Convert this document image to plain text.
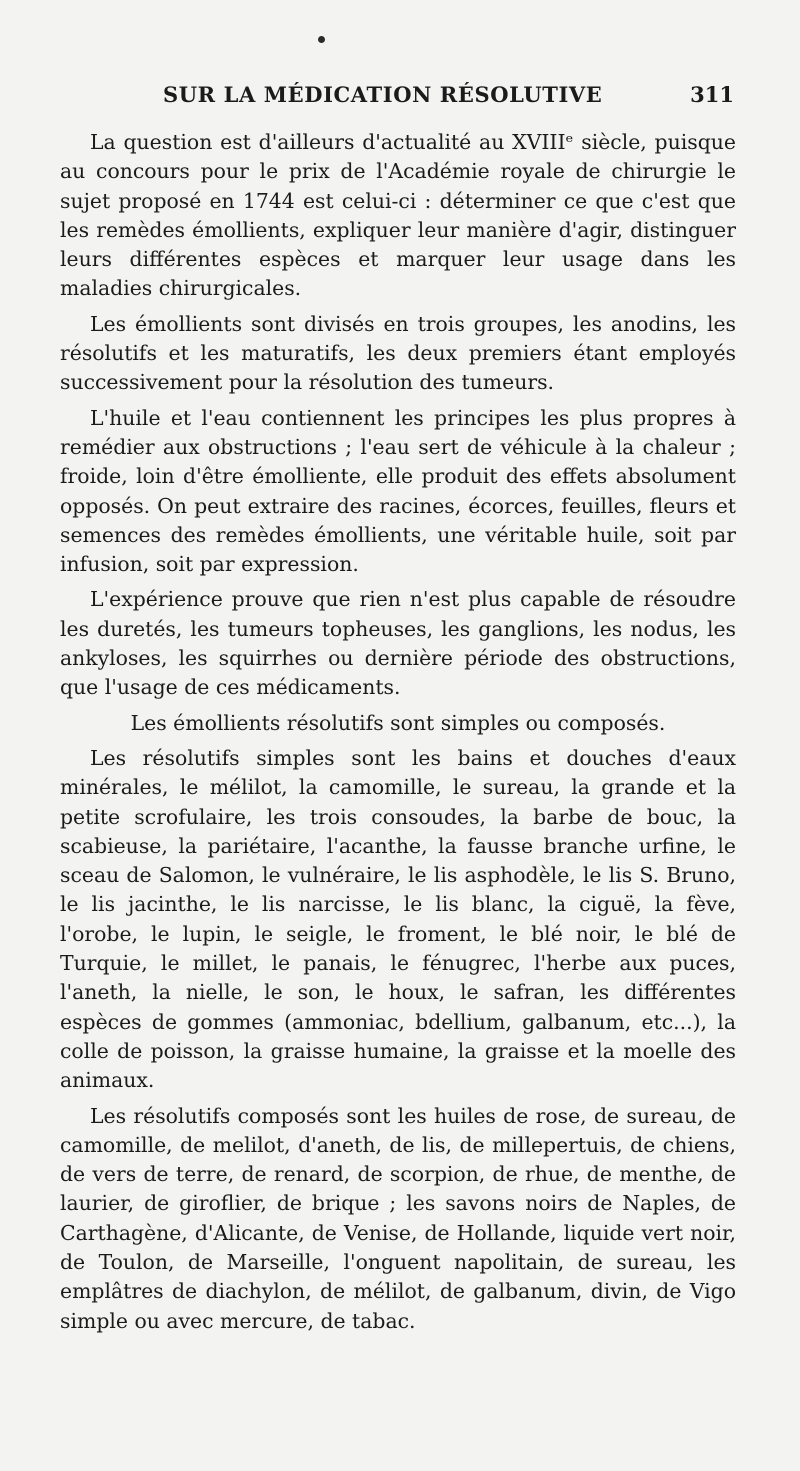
SUR LA MÉDICATION RÉSOLUTIVE	311

La question est d'ailleurs d'actualité au XVIIIᵉ siècle, puisque au concours pour le prix de l'Académie royale de chirurgie le sujet proposé en 1744 est celui-ci : déterminer ce que c'est que les remèdes émollients, expliquer leur manière d'agir, distinguer leurs différentes espèces et marquer leur usage dans les maladies chirurgicales.

Les émollients sont divisés en trois groupes, les anodins, les résolutifs et les maturatifs, les deux premiers étant employés successivement pour la résolution des tumeurs.

L'huile et l'eau contiennent les principes les plus propres à remédier aux obstructions ; l'eau sert de véhicule à la chaleur ; froide, loin d'être émolliente, elle produit des effets absolument opposés. On peut extraire des racines, écorces, feuilles, fleurs et semences des remèdes émollients, une véritable huile, soit par infusion, soit par expression.

L'expérience prouve que rien n'est plus capable de résoudre les duretés, les tumeurs topheuses, les ganglions, les nodus, les ankyloses, les squirrhes ou dernière période des obstructions, que l'usage de ces médicaments.

Les émollients résolutifs sont simples ou composés.

Les résolutifs simples sont les bains et douches d'eaux minérales, le mélilot, la camomille, le sureau, la grande et la petite scrofulaire, les trois consoudes, la barbe de bouc, la scabieuse, la pariétaire, l'acanthe, la fausse branche urfine, le sceau de Salomon, le vulnéraire, le lis asphodèle, le lis S. Bruno, le lis jacinthe, le lis narcisse, le lis blanc, la ciguë, la fève, l'orobe, le lupin, le seigle, le froment, le blé noir, le blé de Turquie, le millet, le panais, le fénugrec, l'herbe aux puces, l'aneth, la nielle, le son, le houx, le safran, les différentes espèces de gommes (ammoniac, bdellium, galbanum, etc...), la colle de poisson, la graisse humaine, la graisse et la moelle des animaux.

Les résolutifs composés sont les huiles de rose, de sureau, de camomille, de melilot, d'aneth, de lis, de millepertuis, de chiens, de vers de terre, de renard, de scorpion, de rhue, de menthe, de laurier, de giroflier, de brique ; les savons noirs de Naples, de Carthagène, d'Alicante, de Venise, de Hollande, liquide vert noir, de Toulon, de Marseille, l'onguent napolitain, de sureau, les emplâtres de diachylon, de mélilot, de galbanum, divin, de Vigo simple ou avec mercure, de tabac.
